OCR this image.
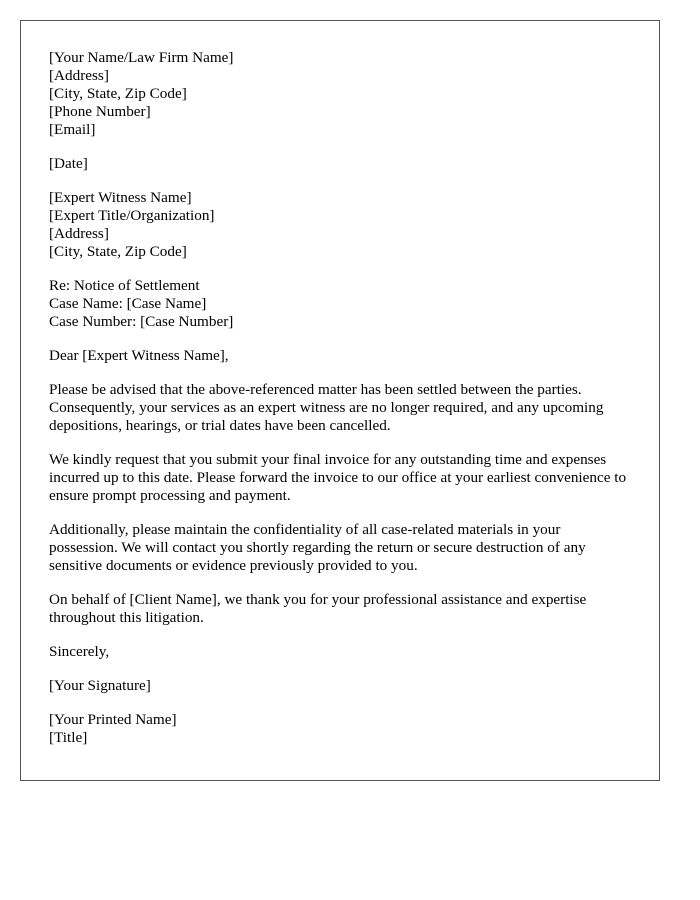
[Your Name/Law Firm Name]
[Address]
[City, State, Zip Code]
[Phone Number]
[Email]
[Date]
[Expert Witness Name]
[Expert Title/Organization]
[Address]
[City, State, Zip Code]
Re: Notice of Settlement
Case Name: [Case Name]
Case Number: [Case Number]
Dear [Expert Witness Name],

Please be advised that the above-referenced matter has been settled between the parties. Consequently, your services as an expert witness are no longer required, and any upcoming depositions, hearings, or trial dates have been cancelled.

We kindly request that you submit your final invoice for any outstanding time and expenses incurred up to this date. Please forward the invoice to our office at your earliest convenience to ensure prompt processing and payment.

Additionally, please maintain the confidentiality of all case-related materials in your possession. We will contact you shortly regarding the return or secure destruction of any sensitive documents or evidence previously provided to you.

On behalf of [Client Name], we thank you for your professional assistance and expertise throughout this litigation.

Sincerely,
[Your Signature]
[Your Printed Name]
[Title]
